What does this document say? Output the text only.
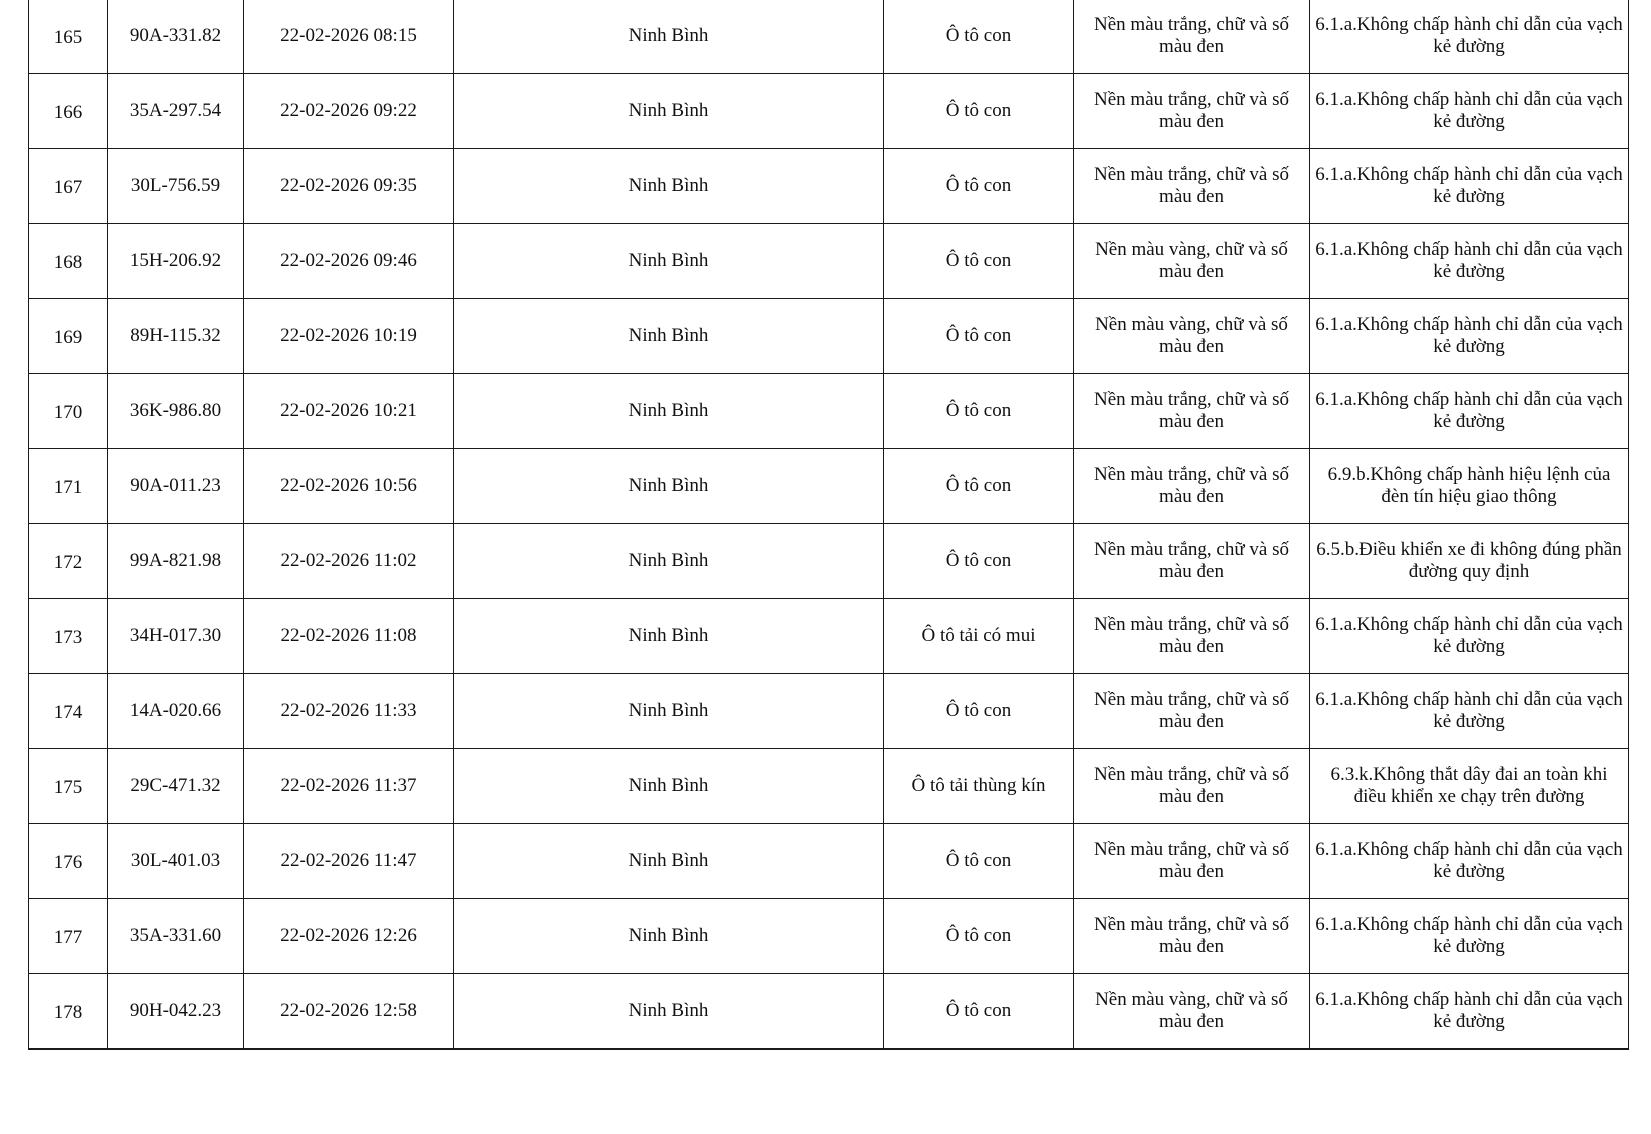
165	90A-331.82	22-02-2026 08:15	Ninh Bình	Ô tô con	Nền màu trắng, chữ và số màu đen	6.1.a.Không chấp hành chỉ dẫn của vạch kẻ đường

166	35A-297.54	22-02-2026 09:22	Ninh Bình	Ô tô con	Nền màu trắng, chữ và số màu đen	6.1.a.Không chấp hành chỉ dẫn của vạch kẻ đường

167	30L-756.59	22-02-2026 09:35	Ninh Bình	Ô tô con	Nền màu trắng, chữ và số màu đen	6.1.a.Không chấp hành chỉ dẫn của vạch kẻ đường

168	15H-206.92	22-02-2026 09:46	Ninh Bình	Ô tô con	Nền màu vàng, chữ và số màu đen	6.1.a.Không chấp hành chỉ dẫn của vạch kẻ đường

169	89H-115.32	22-02-2026 10:19	Ninh Bình	Ô tô con	Nền màu vàng, chữ và số màu đen	6.1.a.Không chấp hành chỉ dẫn của vạch kẻ đường

170	36K-986.80	22-02-2026 10:21	Ninh Bình	Ô tô con	Nền màu trắng, chữ và số màu đen	6.1.a.Không chấp hành chỉ dẫn của vạch kẻ đường

171	90A-011.23	22-02-2026 10:56	Ninh Bình	Ô tô con	Nền màu trắng, chữ và số màu đen	6.9.b.Không chấp hành hiệu lệnh của đèn tín hiệu giao thông

172	99A-821.98	22-02-2026 11:02	Ninh Bình	Ô tô con	Nền màu trắng, chữ và số màu đen	6.5.b.Điều khiển xe đi không đúng phần đường quy định

173	34H-017.30	22-02-2026 11:08	Ninh Bình	Ô tô tải có mui	Nền màu trắng, chữ và số màu đen	6.1.a.Không chấp hành chỉ dẫn của vạch kẻ đường

174	14A-020.66	22-02-2026 11:33	Ninh Bình	Ô tô con	Nền màu trắng, chữ và số màu đen	6.1.a.Không chấp hành chỉ dẫn của vạch kẻ đường

175	29C-471.32	22-02-2026 11:37	Ninh Bình	Ô tô tải thùng kín	Nền màu trắng, chữ và số màu đen	6.3.k.Không thắt dây đai an toàn khi điều khiển xe chạy trên đường

176	30L-401.03	22-02-2026 11:47	Ninh Bình	Ô tô con	Nền màu trắng, chữ và số màu đen	6.1.a.Không chấp hành chỉ dẫn của vạch kẻ đường

177	35A-331.60	22-02-2026 12:26	Ninh Bình	Ô tô con	Nền màu trắng, chữ và số màu đen	6.1.a.Không chấp hành chỉ dẫn của vạch kẻ đường

178	90H-042.23	22-02-2026 12:58	Ninh Bình	Ô tô con	Nền màu vàng, chữ và số màu đen	6.1.a.Không chấp hành chỉ dẫn của vạch kẻ đường
